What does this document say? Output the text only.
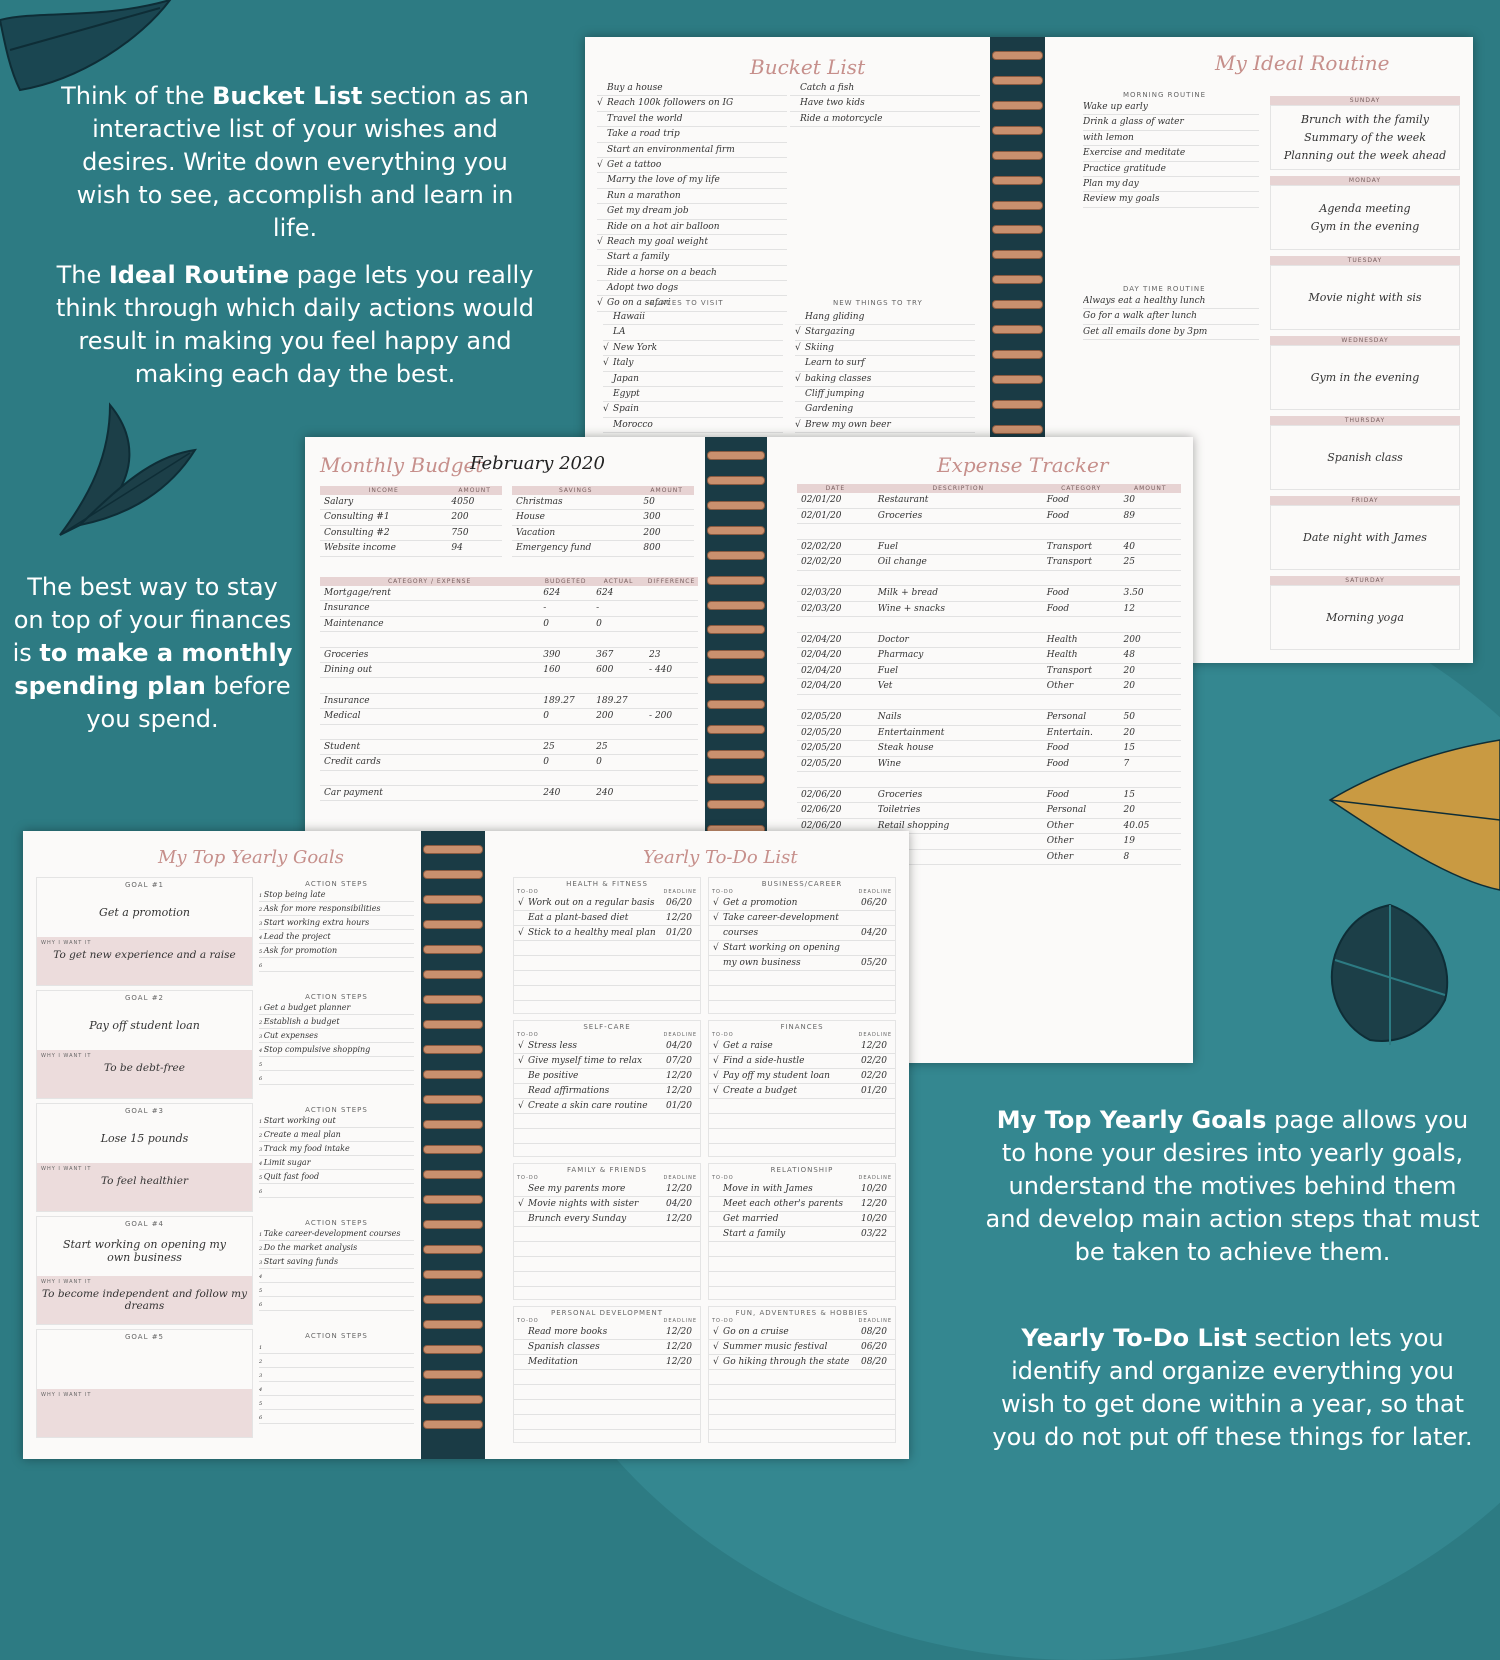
Think of the Bucket List section as an interactive list of your wishes and desires. Write down everything you wish to see, accomplish and learn in life.
The Ideal Routine page lets you really think through which daily actions would result in making you feel happy and making each day the best.
The best way to stay on top of your finances is to make a monthly spending plan before you spend.
My Top Yearly Goals page allows you to hone your desires into yearly goals, understand the motives behind them and develop main action steps that must be taken to achieve them.
Yearly To-Do List section lets you identify and organize everything you wish to get done within a year, so that you do not put off these things for later.
Bucket List
Buy a house
√ Reach 100k followers on IG
Travel the world
Take a road trip
Start an environmental firm
√ Get a tattoo
Marry the love of my life
Run a marathon
Get my dream job
Ride on a hot air balloon
√ Reach my goal weight
Start a family
Ride a horse on a beach
Adopt two dogs
√ Go on a safari
Catch a fish
Have two kids
Ride a motorcycle
PLACES TO VISIT
Hawaii
LA
√ New York
√ Italy
Japan
Egypt
√ Spain
Morocco
NEW THINGS TO TRY
Hang gliding
√ Stargazing
√ Skiing
Learn to surf
√ baking classes
Cliff jumping
Gardening
√ Brew my own beer
My Ideal Routine
MORNING ROUTINE
Wake up early
Drink a glass of water
with lemon
Exercise and meditate
Practice gratitude
Plan my day
Review my goals
DAY TIME ROUTINE
Always eat a healthy lunch
Go for a walk after lunch
Get all emails done by 3pm
SUNDAY
Brunch with the family
Summary of the week
Planning out the week ahead
MONDAY
Agenda meeting
Gym in the evening
TUESDAY
Movie night with sis
WEDNESDAY
Gym in the evening
THURSDAY
Spanish class
FRIDAY
Date night with James
SATURDAY
Morning yoga
Monthly Budget
February 2020
INCOME	AMOUNT
Salary	4050
Consulting #1	200
Consulting #2	750
Website income	94
SAVINGS	AMOUNT
Christmas	50
House	300
Vacation	200
Emergency fund	800
CATEGORY / EXPENSE	BUDGETED	ACTUAL	DIFFERENCE
Mortgage/rent	624	624
Insurance	-	-
Maintenance	0	0
Groceries	390	367	23
Dining out	160	600	- 440
Insurance	189.27	189.27
Medical	0	200	- 200
Student	25	25
Credit cards	0	0
Car payment	240	240
Expense Tracker
DATE	DESCRIPTION	CATEGORY	AMOUNT
02/01/20	Restaurant	Food	30
02/01/20	Groceries	Food	89
02/02/20	Fuel	Transport	40
02/02/20	Oil change	Transport	25
02/03/20	Milk + bread	Food	3.50
02/03/20	Wine + snacks	Food	12
02/04/20	Doctor	Health	200
02/04/20	Pharmacy	Health	48
02/04/20	Fuel	Transport	20
02/04/20	Vet	Other	20
02/05/20	Nails	Personal	50
02/05/20	Entertainment	Entertain.	20
02/05/20	Steak house	Food	15
02/05/20	Wine	Food	7
02/06/20	Groceries	Food	15
02/06/20	Toiletries	Personal	20
02/06/20	Retail shopping	Other	40.05
Other	19
Other	8
My Top Yearly Goals
GOAL #1
Get a promotion
WHY I WANT IT
To get new experience and a raise
ACTION STEPS
1 Stop being late
2 Ask for more responsibilities
3 Start working extra hours
4 Lead the project
5 Ask for promotion
6
GOAL #2
Pay off student loan
WHY I WANT IT
To be debt-free
ACTION STEPS
1 Get a budget planner
2 Establish a budget
3 Cut expenses
4 Stop compulsive shopping
5
6
GOAL #3
Lose 15 pounds
WHY I WANT IT
To feel healthier
ACTION STEPS
1 Start working out
2 Create a meal plan
3 Track my food intake
4 Limit sugar
5 Quit fast food
6
GOAL #4
Start working on opening my own business
WHY I WANT IT
To become independent and follow my dreams
ACTION STEPS
1 Take career-development courses
2 Do the market analysis
3 Start saving funds
4
5
6
GOAL #5
WHY I WANT IT
ACTION STEPS
1
2
3
4
5
6
Yearly To-Do List
HEALTH & FITNESS
TO-DO	DEADLINE
√ Work out on a regular basis	06/20
Eat a plant-based diet	12/20
√ Stick to a healthy meal plan	01/20
BUSINESS/CAREER
TO-DO	DEADLINE
√ Get a promotion	06/20
√ Take career-development
courses	04/20
√ Start working on opening
my own business	05/20
SELF-CARE
TO-DO	DEADLINE
√ Stress less	04/20
√ Give myself time to relax	07/20
Be positive	12/20
Read affirmations	12/20
√ Create a skin care routine	01/20
FINANCES
TO-DO	DEADLINE
√ Get a raise	12/20
√ Find a side-hustle	02/20
√ Pay off my student loan	02/20
√ Create a budget	01/20
FAMILY & FRIENDS
TO-DO	DEADLINE
See my parents more	12/20
√ Movie nights with sister	04/20
Brunch every Sunday	12/20
RELATIONSHIP
TO-DO	DEADLINE
Move in with James	10/20
Meet each other's parents	12/20
Get married	10/20
Start a family	03/22
PERSONAL DEVELOPMENT
TO-DO	DEADLINE
Read more books	12/20
Spanish classes	12/20
Meditation	12/20
FUN, ADVENTURES & HOBBIES
TO-DO	DEADLINE
√ Go on a cruise	08/20
√ Summer music festival	06/20
√ Go hiking through the state	08/20
